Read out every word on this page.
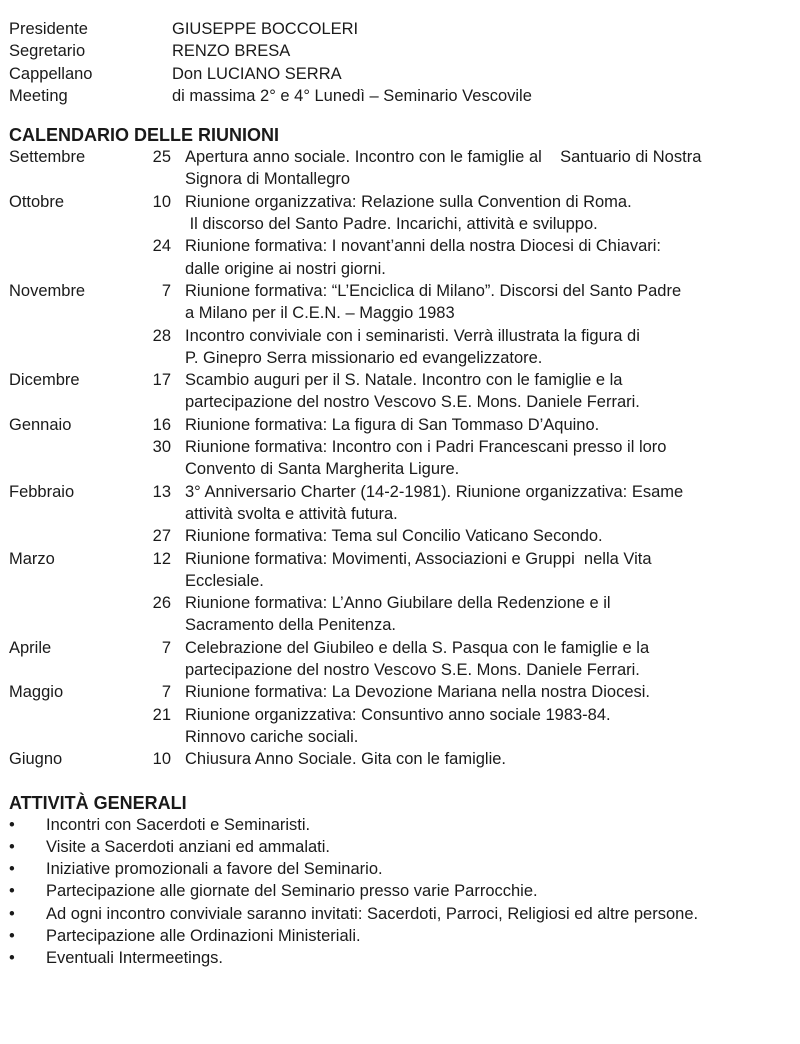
Presidente	GIUSEPPE BOCCOLERI
Segretario	RENZO BRESA
Cappellano	Don LUCIANO SERRA
Meeting	di massima 2° e 4° Lunedì – Seminario Vescovile
CALENDARIO DELLE RIUNIONI
Settembre	25 Apertura anno sociale. Incontro con le famiglie al    Santuario di Nostra
Signora di Montallegro
Ottobre	10 Riunione organizzativa: Relazione sulla Convention di Roma.
Il discorso del Santo Padre. Incarichi, attività e sviluppo.
24 Riunione formativa: I novant’anni della nostra Diocesi di Chiavari:
dalle origine ai nostri giorni.
Novembre	7 Riunione formativa: “L’Enciclica di Milano”. Discorsi del Santo Padre
a Milano per il C.E.N. – Maggio 1983
28 Incontro conviviale con i seminaristi. Verrà illustrata la figura di
P. Ginepro Serra missionario ed evangelizzatore.
Dicembre	17 Scambio auguri per il S. Natale. Incontro con le famiglie e la
partecipazione del nostro Vescovo S.E. Mons. Daniele Ferrari.
Gennaio	16 Riunione formativa: La figura di San Tommaso D’Aquino.
30 Riunione formativa: Incontro con i Padri Francescani presso il loro
Convento di Santa Margherita Ligure.
Febbraio	13 3° Anniversario Charter (14-2-1981). Riunione organizzativa: Esame
attività svolta e attività futura.
27 Riunione formativa: Tema sul Concilio Vaticano Secondo.
Marzo	12 Riunione formativa: Movimenti, Associazioni e Gruppi  nella Vita
Ecclesiale.
26 Riunione formativa: L’Anno Giubilare della Redenzione e il
Sacramento della Penitenza.
Aprile	7 Celebrazione del Giubileo e della S. Pasqua con le famiglie e la
partecipazione del nostro Vescovo S.E. Mons. Daniele Ferrari.
Maggio	7 Riunione formativa: La Devozione Mariana nella nostra Diocesi.
21 Riunione organizzativa: Consuntivo anno sociale 1983-84.
Rinnovo cariche sociali.
Giugno	10 Chiusura Anno Sociale. Gita con le famiglie.
ATTIVITÀ GENERALI
•	Incontri con Sacerdoti e Seminaristi.
•	Visite a Sacerdoti anziani ed ammalati.
•	Iniziative promozionali a favore del Seminario.
•	Partecipazione alle giornate del Seminario presso varie Parrocchie.
•	Ad ogni incontro conviviale saranno invitati: Sacerdoti, Parroci, Religiosi ed altre persone.
•	Partecipazione alle Ordinazioni Ministeriali.
•	Eventuali Intermeetings.
